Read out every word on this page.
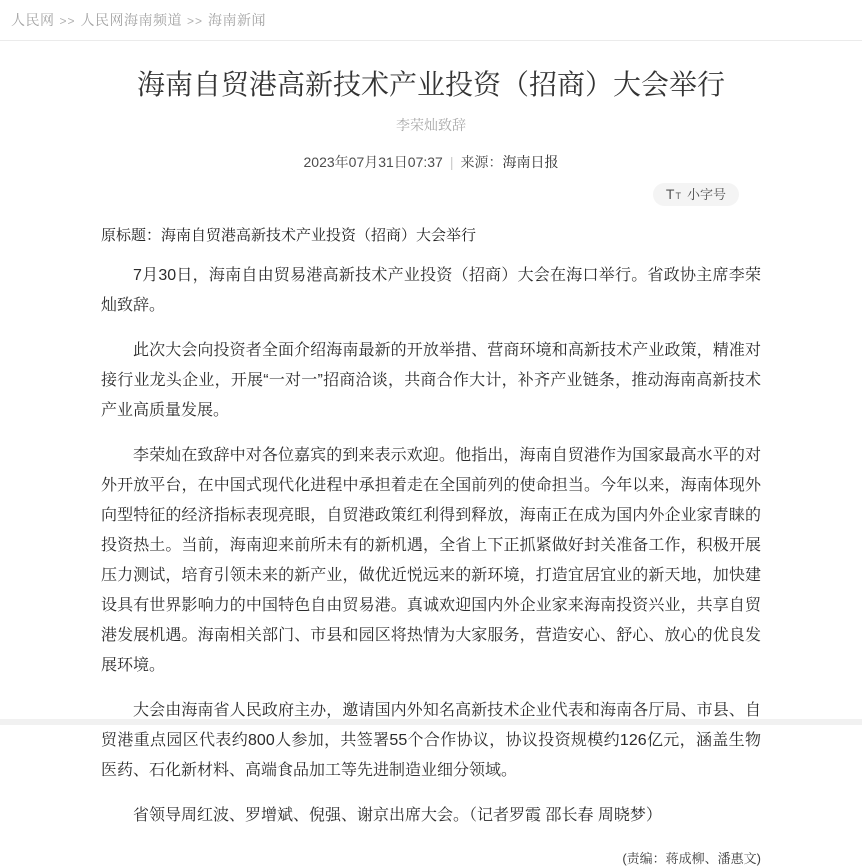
人民网 >> 人民网海南频道 >> 海南新闻
海南自贸港高新技术产业投资（招商）大会举行
李荣灿致辞
2023年07月31日07:37 | 来源：海南日报
T T 小字号
原标题：海南自贸港高新技术产业投资（招商）大会举行

7月30日，海南自由贸易港高新技术产业投资（招商）大会在海口举行。省政协主席李荣灿致辞。

此次大会向投资者全面介绍海南最新的开放举措、营商环境和高新技术产业政策，精准对接行业龙头企业，开展“一对一”招商洽谈，共商合作大计，补齐产业链条，推动海南高新技术产业高质量发展。

李荣灿在致辞中对各位嘉宾的到来表示欢迎。他指出，海南自贸港作为国家最高水平的对外开放平台，在中国式现代化进程中承担着走在全国前列的使命担当。今年以来，海南体现外向型特征的经济指标表现亮眼，自贸港政策红利得到释放，海南正在成为国内外企业家青睐的投资热土。当前，海南迎来前所未有的新机遇，全省上下正抓紧做好封关准备工作，积极开展压力测试，培育引领未来的新产业，做优近悦远来的新环境，打造宜居宜业的新天地，加快建设具有世界影响力的中国特色自由贸易港。真诚欢迎国内外企业家来海南投资兴业，共享自贸港发展机遇。海南相关部门、市县和园区将热情为大家服务，营造安心、舒心、放心的优良发展环境。

大会由海南省人民政府主办，邀请国内外知名高新技术企业代表和海南各厅局、市县、自贸港重点园区代表约800人参加，共签署55个合作协议，协议投资规模约126亿元，涵盖生物医药、石化新材料、高端食品加工等先进制造业细分领域。

省领导周红波、罗增斌、倪强、谢京出席大会。（记者罗霞 邵长春 周晓梦）

(责编：蒋成柳、潘惠文)
